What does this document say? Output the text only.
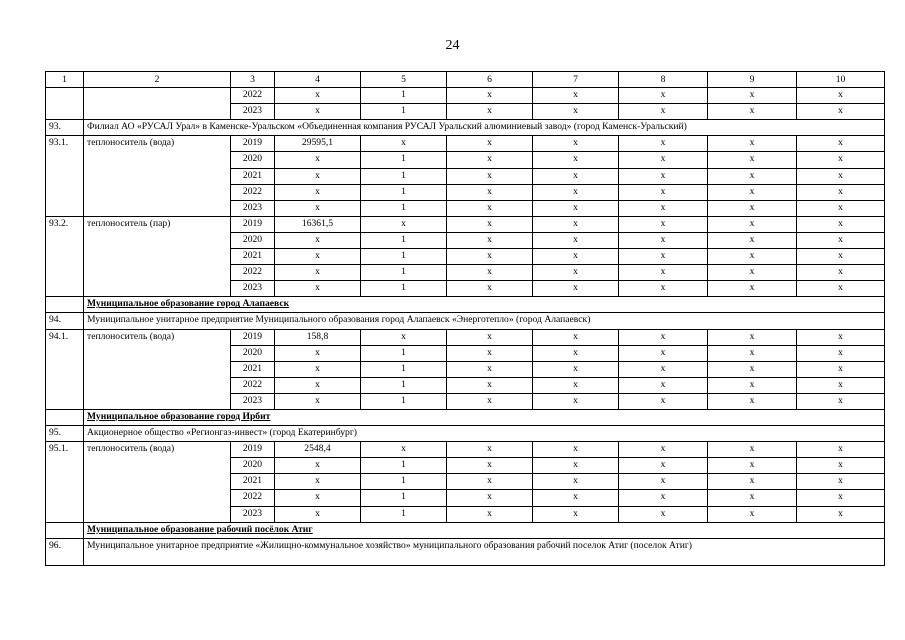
24
1	2	3	4	5	6	7	8	9	10
		2022	x	1	x	x	x	x	x
		2023	x	1	x	x	x	x	x
93.	Филиал АО «РУСАЛ Урал» в Каменске-Уральском «Объединенная компания РУСАЛ Уральский алюминиевый завод» (город Каменск-Уральский)								
93.1.	теплоноситель (вода)	2019	29595,1	x	x	x	x	x	x
		2020	x	1	x	x	x	x	x
		2021	x	1	x	x	x	x	x
		2022	x	1	x	x	x	x	x
		2023	x	1	x	x	x	x	x
93.2.	теплоноситель (пар)	2019	16361,5	x	x	x	x	x	x
		2020	x	1	x	x	x	x	x
		2021	x	1	x	x	x	x	x
		2022	x	1	x	x	x	x	x
		2023	x	1	x	x	x	x	x
	Муниципальное образование город Алапаевск								
94.	Муниципальное унитарное предприятие Муниципального образования город Алапаевск «Энерготепло» (город Алапаевск)								
94.1.	теплоноситель (вода)	2019	158,8	x	x	x	x	x	x
		2020	x	1	x	x	x	x	x
		2021	x	1	x	x	x	x	x
		2022	x	1	x	x	x	x	x
		2023	x	1	x	x	x	x	x
	Муниципальное образование город Ирбит								
95.	Акционерное общество «Регионгаз-инвест» (город Екатеринбург)								
95.1.	теплоноситель (вода)	2019	2548,4	x	x	x	x	x	x
		2020	x	1	x	x	x	x	x
		2021	x	1	x	x	x	x	x
		2022	x	1	x	x	x	x	x
		2023	x	1	x	x	x	x	x
	Муниципальное образование рабочий посёлок Атиг								
96.	Муниципальное унитарное предприятие «Жилищно-коммунальное хозяйство» муниципального образования рабочий поселок Атиг (поселок Атиг)								
